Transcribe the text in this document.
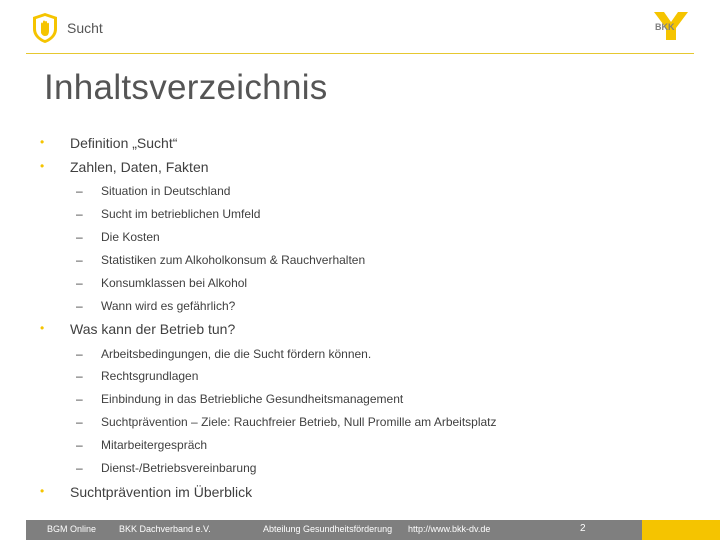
Sucht	BKK
Inhaltsverzeichnis
• Definition „Sucht“
• Zahlen, Daten, Fakten
– Situation in Deutschland
– Sucht im betrieblichen Umfeld
– Die Kosten
– Statistiken zum Alkoholkonsum & Rauchverhalten
– Konsumklassen bei Alkohol
– Wann wird es gefährlich?
• Was kann der Betrieb tun?
– Arbeitsbedingungen, die die Sucht fördern können.
– Rechtsgrundlagen
– Einbindung in das Betriebliche Gesundheitsmanagement
– Suchtprävention – Ziele: Rauchfreier Betrieb, Null Promille am Arbeitsplatz
– Mitarbeitergespräch
– Dienst-/Betriebsvereinbarung
• Suchtprävention im Überblick
BGM Online	BKK Dachverband e.V.	Abteilung Gesundheitsförderung http://www.bkk-dv.de	2
